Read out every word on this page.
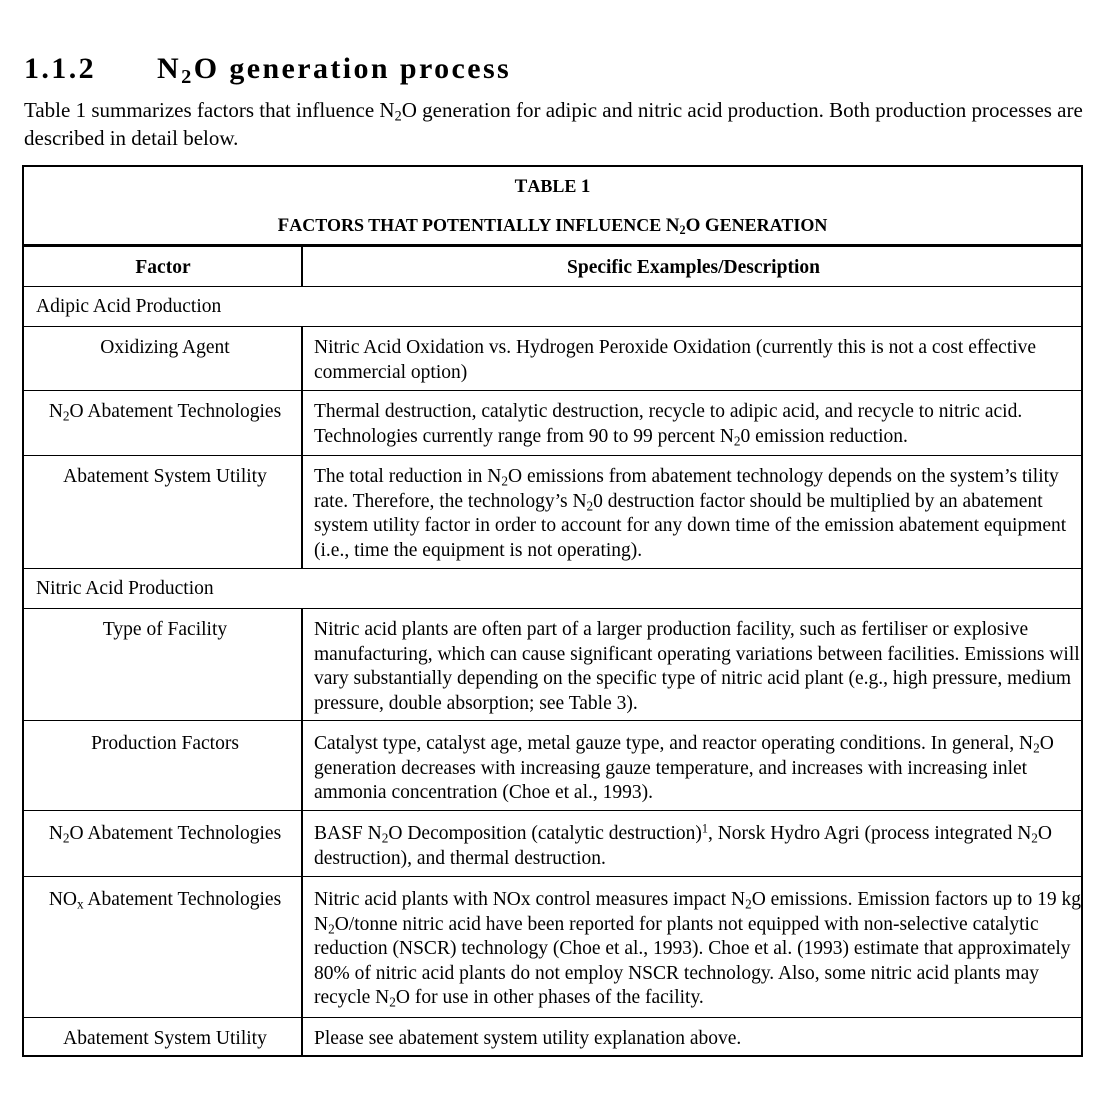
1.1.2 $N_2O$ generation process
Table 1 summarizes factors that influence $N_2O$ generation for adipic and nitric acid production. Both production processes are described in detail below.
TABLE 1
FACTORS THAT POTENTIALLY INFLUENCE $N_2O$ GENERATION
Factor	Specific Examples/Description
Adipic Acid Production
Oxidizing Agent	Nitric Acid Oxidation vs. Hydrogen Peroxide Oxidation (currently this is not a cost effective commercial option)
$N_2O$ Abatement Technologies	Thermal destruction, catalytic destruction, recycle to adipic acid, and recycle to nitric acid. Technologies currently range from 90 to 99 percent $N_20$ emission reduction.
Abatement System Utility	The total reduction in $N_2O$ emissions from abatement technology depends on the system’s tility rate. Therefore, the technology’s $N_20$ destruction factor should be multiplied by an abatement system utility factor in order to account for any down time of the emission abatement equipment (i.e., time the equipment is not operating).
Nitric Acid Production
Type of Facility	Nitric acid plants are often part of a larger production facility, such as fertiliser or explosive manufacturing, which can cause significant operating variations between facilities. Emissions will vary substantially depending on the specific type of nitric acid plant (e.g., high pressure, medium pressure, double absorption; see Table 3).
Production Factors	Catalyst type, catalyst age, metal gauze type, and reactor operating conditions. In general, $N_2O$ generation decreases with increasing gauze temperature, and increases with increasing inlet ammonia concentration (Choe et al., 1993).
$N_2O$ Abatement Technologies	BASF $N_2O$ Decomposition (catalytic destruction)$^1$, Norsk Hydro Agri (process integrated $N_2O$ destruction), and thermal destruction.
$NO_x$ Abatement Technologies	Nitric acid plants with NOx control measures impact $N_2O$ emissions. Emission factors up to 19 kg $N_2O$/tonne nitric acid have been reported for plants not equipped with non-selective catalytic reduction (NSCR) technology (Choe et al., 1993). Choe et al. (1993) estimate that approximately 80% of nitric acid plants do not employ NSCR technology. Also, some nitric acid plants may recycle $N_2O$ for use in other phases of the facility.
Abatement System Utility	Please see abatement system utility explanation above.
